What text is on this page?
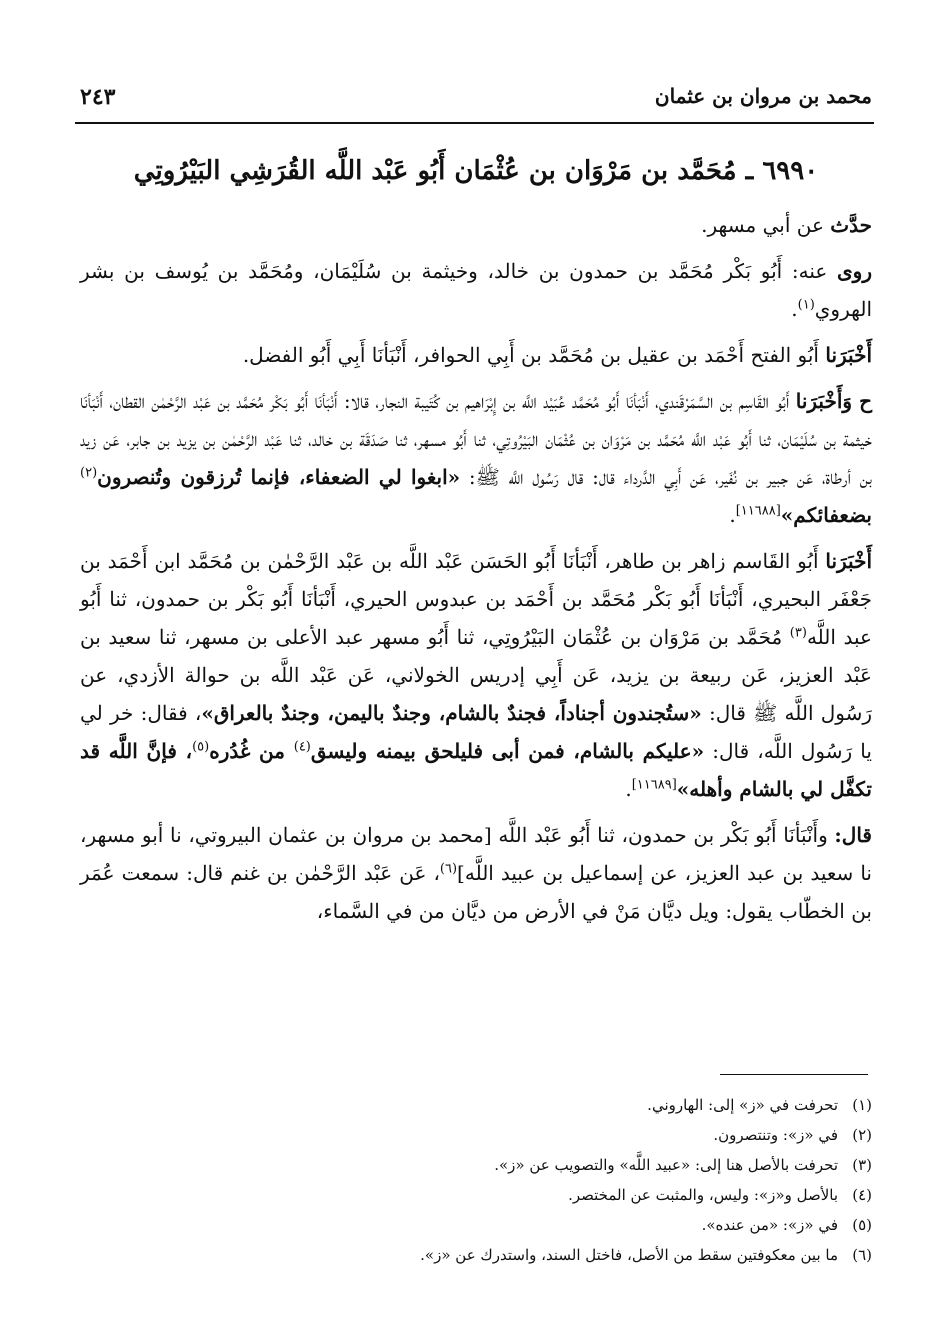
٢٤٣	محمد بن مروان بن عثمان
٦٩٩٠ ـ مُحَمَّد بن مَرْوَان بن عُثْمَان أَبُو عَبْد اللَّه القُرَشِي البَيْرُوتِي

حدَّث عن أبي مسهر.

روى عنه: أَبُو بَكْر مُحَمَّد بن حمدون بن خالد، وخيثمة بن سُلَيْمَان، ومُحَمَّد بن يُوسف بن بشر الهروي$^{(١)}$.

أَخْبَرَنا أَبُو الفتح أَحْمَد بن عقيل بن مُحَمَّد بن أَبِي الحوافر، أَنْبَأنَا أَبِي أَبُو الفضل.

ح وَأَخْبَرَنا أَبُو القَاسِم بن السَّمَرْقَندي، أَنْبَأنَا أَبُو مُحَمَّد عُبَيْد اللَّه بن إِبْرَاهيم بن كُتَيبة النجار، قالا: أَنْبَأنَا أَبُو بَكْر مُحَمَّد بن عَبْد الرَّحْمٰن القطان، أَنْبَأنَا خيثمة بن سُلَيْمَان، ثنا أَبُو عَبْد اللَّه مُحَمَّد بن مَرْوَان بن عُثْمَان البَيْرُوتِي، ثنا أَبُو مسهر، ثنا صَدَقَة بن خالد، ثنا عَبْد الرَّحْمٰن بن يزيد بن جابر، عَن زيد بن أرطاة، عَن جبير بن نُفَير، عَن أَبِي الدَّرداء قال: قال رَسُول اللَّه ﷺ: «ابغوا لي الضعفاء، فإنما تُرزقون وتُنصرون$^{(٢)}$ بضعفائكم»[١١٦٨٨].

أَخْبَرَنا أَبُو القَاسم زاهر بن طاهر، أَنْبَأنَا أَبُو الحَسَن عَبْد اللَّه بن عَبْد الرَّحْمٰن بن مُحَمَّد ابن أَحْمَد بن جَعْفَر البحيري، أَنْبَأنَا أَبُو بَكْر مُحَمَّد بن أَحْمَد بن عبدوس الحيري، أَنْبَأنَا أَبُو بَكْر بن حمدون، ثنا أَبُو عبد اللَّه$^{(٣)}$ مُحَمَّد بن مَرْوَان بن عُثْمَان البَيْرُوتِي، ثنا أَبُو مسهر عبد الأعلى بن مسهر، ثنا سعيد بن عَبْد العزيز، عَن ربيعة بن يزيد، عَن أَبِي إدريس الخولاني، عَن عَبْد اللَّه بن حوالة الأزدي، عن رَسُول اللَّه ﷺ قال: «ستُجندون أجناداً، فجندٌ بالشام، وجندٌ باليمن، وجندٌ بالعراق»، فقال: خر لي يا رَسُول اللَّه، قال: «عليكم بالشام، فمن أبى فليلحق بيمنه وليسق$^{(٤)}$ من غُدُره$^{(٥)}$، فإنَّ اللَّه قد تكفَّل لي بالشام وأهله»[١١٦٨٩].

قال: وأَنْبَأنَا أَبُو بَكْر بن حمدون، ثنا أَبُو عَبْد اللَّه [محمد بن مروان بن عثمان البيروتي، نا أبو مسهر، نا سعيد بن عبد العزيز، عن إسماعيل بن عبيد اللَّه]$^{(٦)}$، عَن عَبْد الرَّحْمٰن بن غنم قال: سمعت عُمَر بن الخطّاب يقول: ويل ديَّان مَنْ في الأرض من ديَّان من في السَّماء،

(١)تحرفت في «ز» إلى: الهاروني.
(٢)في «ز»: وتنتصرون.
(٣)تحرفت بالأصل هنا إلى: «عبيد اللَّه» والتصويب عن «ز».
(٤)بالأصل و«ز»: وليس، والمثبت عن المختصر.
(٥)في «ز»: «من عنده».
(٦)ما بين معكوفتين سقط من الأصل، فاختل السند، واستدرك عن «ز».
